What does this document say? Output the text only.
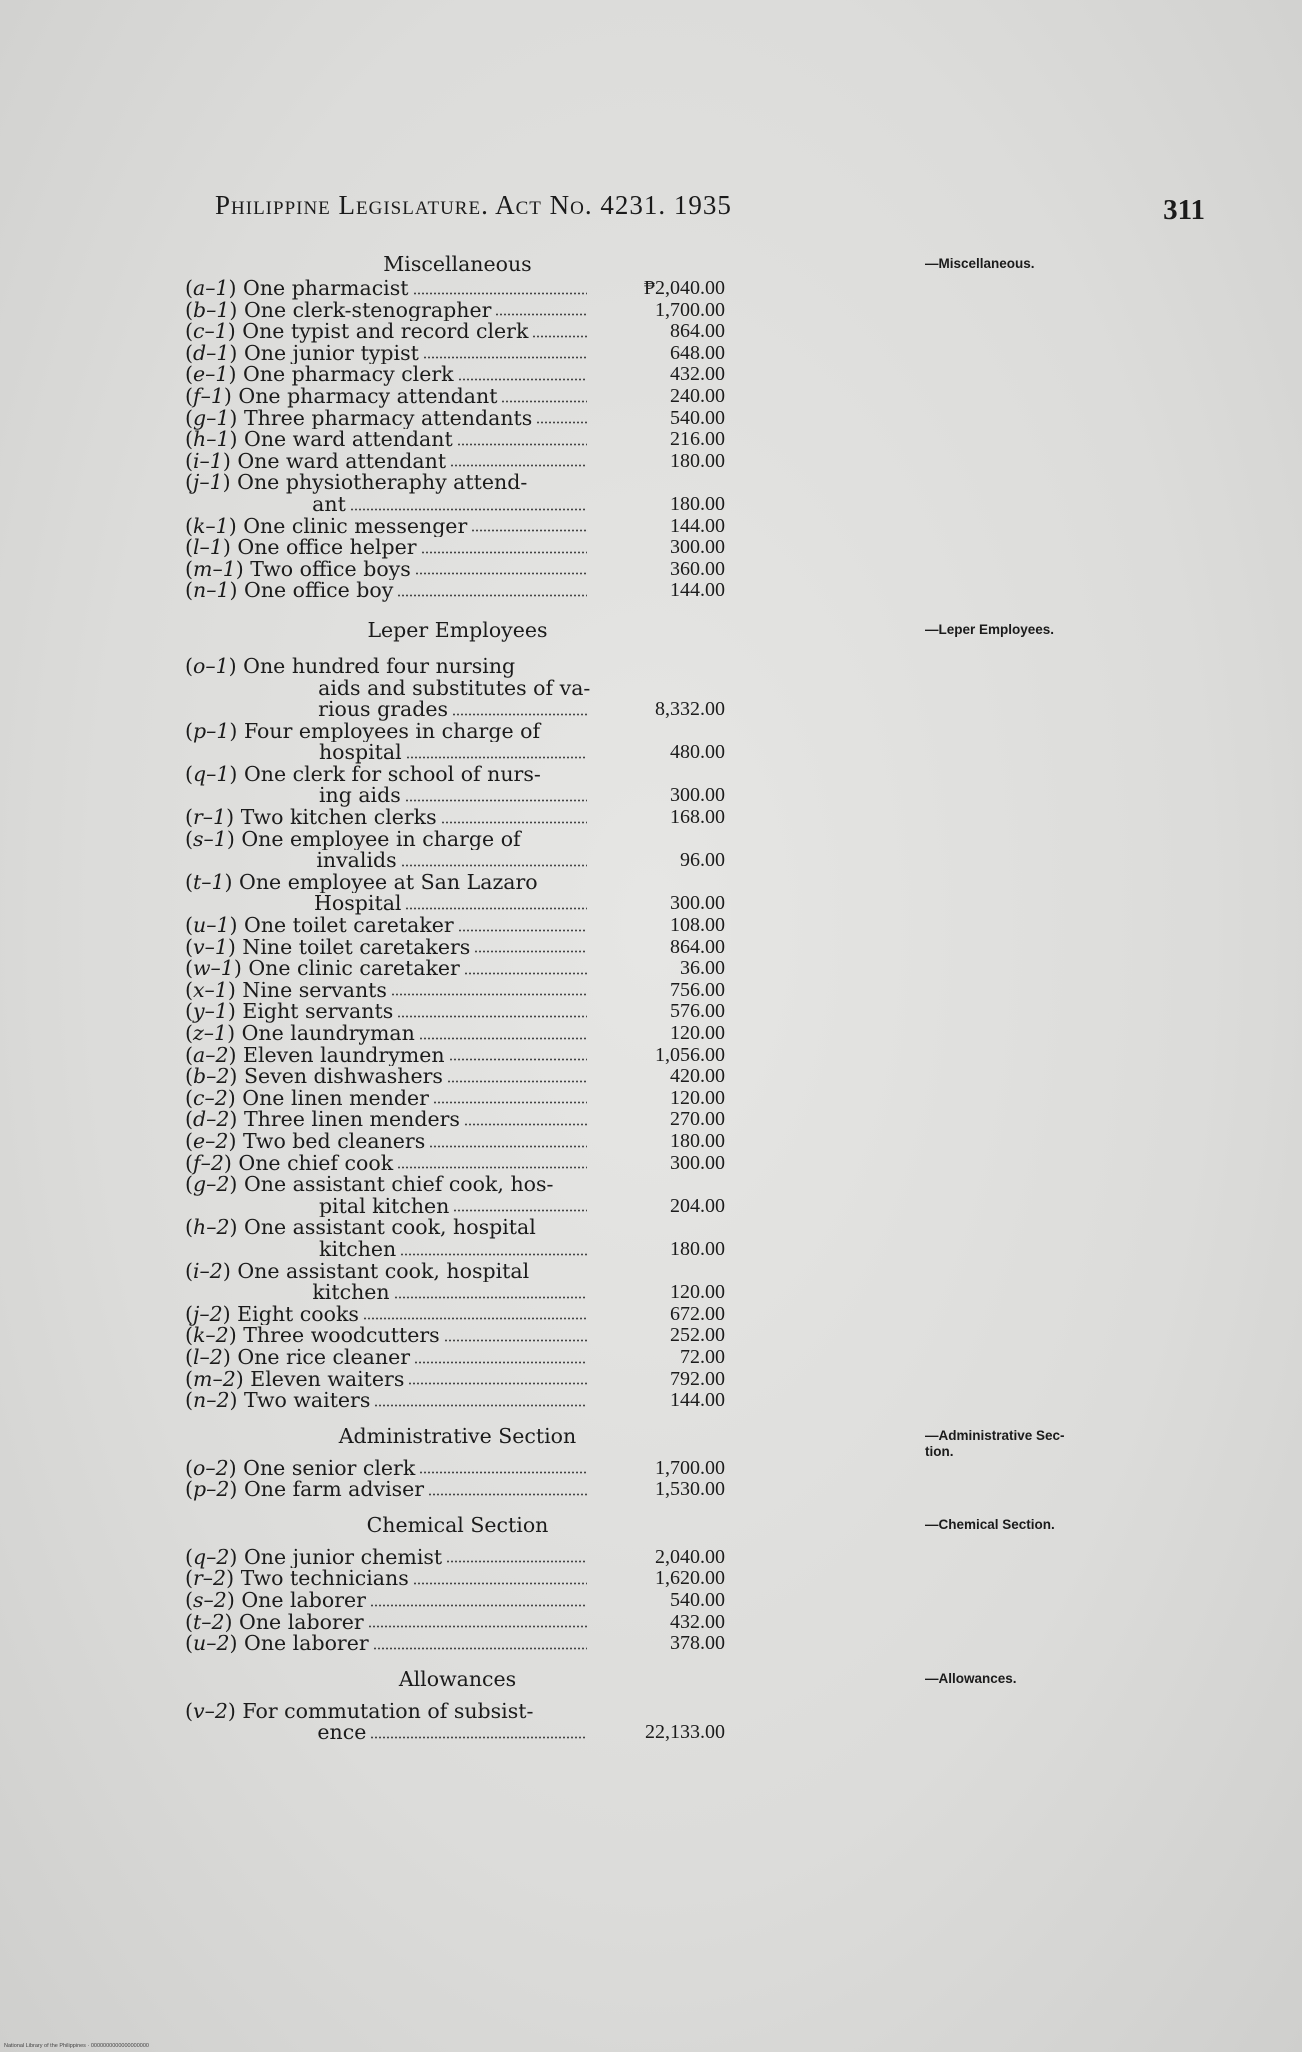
Philippine Legislature. Act No. 4231. 1935	311
Miscellaneous
(a–1) One pharmacist	₱2,040.00
(b–1) One clerk-stenographer	1,700.00
(c–1) One typist and record clerk	864.00
(d–1) One junior typist	648.00
(e–1) One pharmacy clerk	432.00
(f–1) One pharmacy attendant	240.00
(g–1) Three pharmacy attendants	540.00
(h–1) One ward attendant	216.00
(i–1) One ward attendant	180.00
(j–1) One physiotheraphy attend-
ant	180.00
(k–1) One clinic messenger	144.00
(l–1) One office helper	300.00
(m–1) Two office boys	360.00
(n–1) One office boy	144.00
Leper Employees
(o–1) One hundred four nursing
aids and substitutes of va-
rious grades	8,332.00
(p–1) Four employees in charge of
hospital	480.00
(q–1) One clerk for school of nurs-
ing aids	300.00
(r–1) Two kitchen clerks	168.00
(s–1) One employee in charge of
invalids	96.00
(t–1) One employee at San Lazaro
Hospital	300.00
(u–1) One toilet caretaker	108.00
(v–1) Nine toilet caretakers	864.00
(w–1) One clinic caretaker	36.00
(x–1) Nine servants	756.00
(y–1) Eight servants	576.00
(z–1) One laundryman	120.00
(a–2) Eleven laundrymen	1,056.00
(b–2) Seven dishwashers	420.00
(c–2) One linen mender	120.00
(d–2) Three linen menders	270.00
(e–2) Two bed cleaners	180.00
(f–2) One chief cook	300.00
(g–2) One assistant chief cook, hos-
pital kitchen	204.00
(h–2) One assistant cook, hospital
kitchen	180.00
(i–2) One assistant cook, hospital
kitchen	120.00
(j–2) Eight cooks	672.00
(k–2) Three woodcutters	252.00
(l–2) One rice cleaner	72.00
(m–2) Eleven waiters	792.00
(n–2) Two waiters	144.00
Administrative Section
(o–2) One senior clerk	1,700.00
(p–2) One farm adviser	1,530.00
Chemical Section
(q–2) One junior chemist	2,040.00
(r–2) Two technicians	1,620.00
(s–2) One laborer	540.00
(t–2) One laborer	432.00
(u–2) One laborer	378.00
Allowances
(v–2) For commutation of subsist-
ence	22,133.00
—Miscellaneous.
—Leper Employees.
—Administrative Sec-
tion.
—Chemical Section.
—Allowances.
National Library of the Philippines · 0000000000000000000
